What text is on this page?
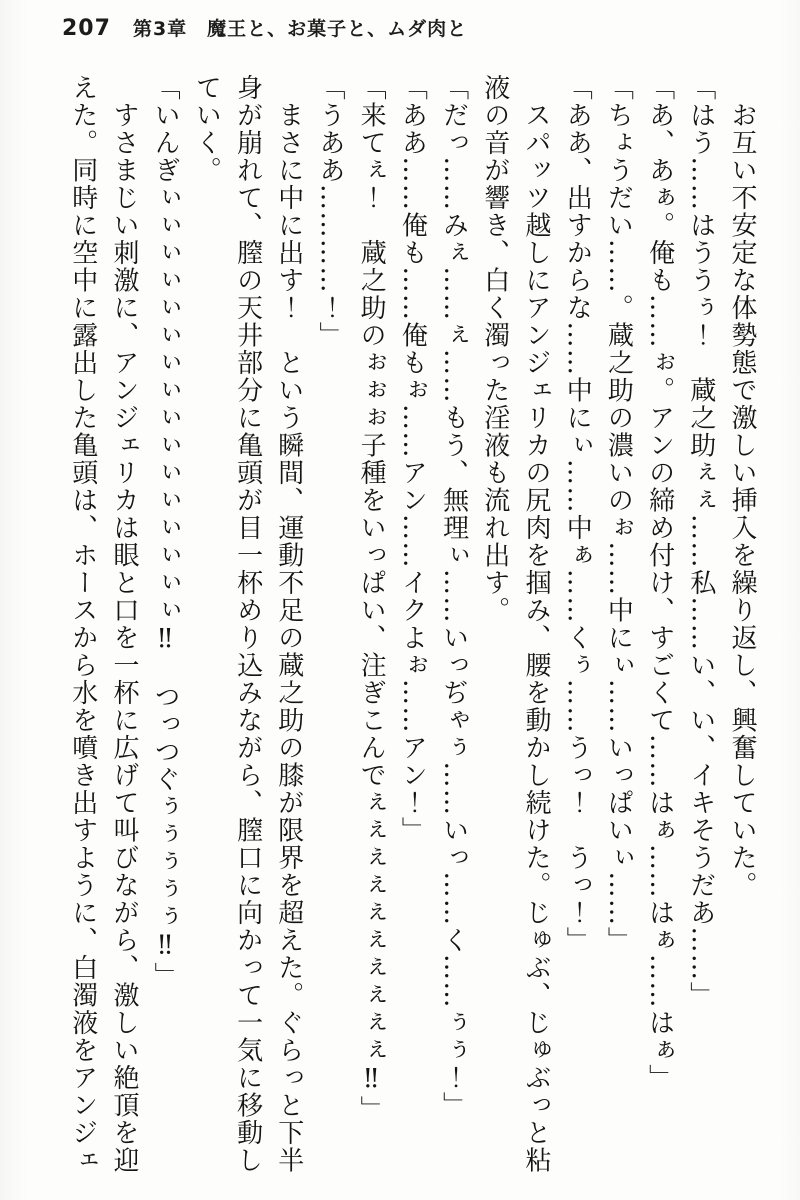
207 第3章　魔王と、お菓子と、ムダ肉と

　お互い不安定な体勢態で激しい挿入を繰り返し、興奮していた。

「はう……はううぅ！　蔵之助ぇぇ……私……い、い、イキそうだあ……」

「あ、あぁ。俺も……ぉ。アンの締め付け、すごくて……はぁ……はぁ……はぁ」

「ちょうだい……。蔵之助の濃いのぉ……中にぃ……いっぱいぃ……」

「ああ、出すからな……中にぃ……中ぁ……くぅ……うっ！　うっ！」

　スパッツ越しにアンジェリカの尻肉を掴み、腰を動かし続けた。じゅぶ、じゅぶっと粘

液の音が響き、白く濁った淫液も流れ出す。

「だっ……みぇ……ぇ……もう、無理ぃ……いっぢゃぅ……いっ……く……ぅぅ！」

「ああ……俺も……俺もぉ……アン……イクよぉ……アン！」

「来てぇ！　蔵之助のぉぉぉ子種をいっぱい、注ぎこんでぇぇぇぇぇぇぇぇぇぇ‼」

「うああ…………！」

　まさに中に出す！　という瞬間、運動不足の蔵之助の膝が限界を超えた。ぐらっと下半

身が崩れて、膣の天井部分に亀頭が目一杯めり込みながら、膣口に向かって一気に移動し

ていく。

「いんぎぃぃぃぃぃぃぃぃぃぃぃぃぃぃぃぃ‼　つっつぐぅぅぅぅぅ‼」

　すさまじい刺激に、アンジェリカは眼と口を一杯に広げて叫びながら、激しい絶頂を迎

えた。同時に空中に露出した亀頭は、ホースから水を噴き出すように、白濁液をアンジェ
